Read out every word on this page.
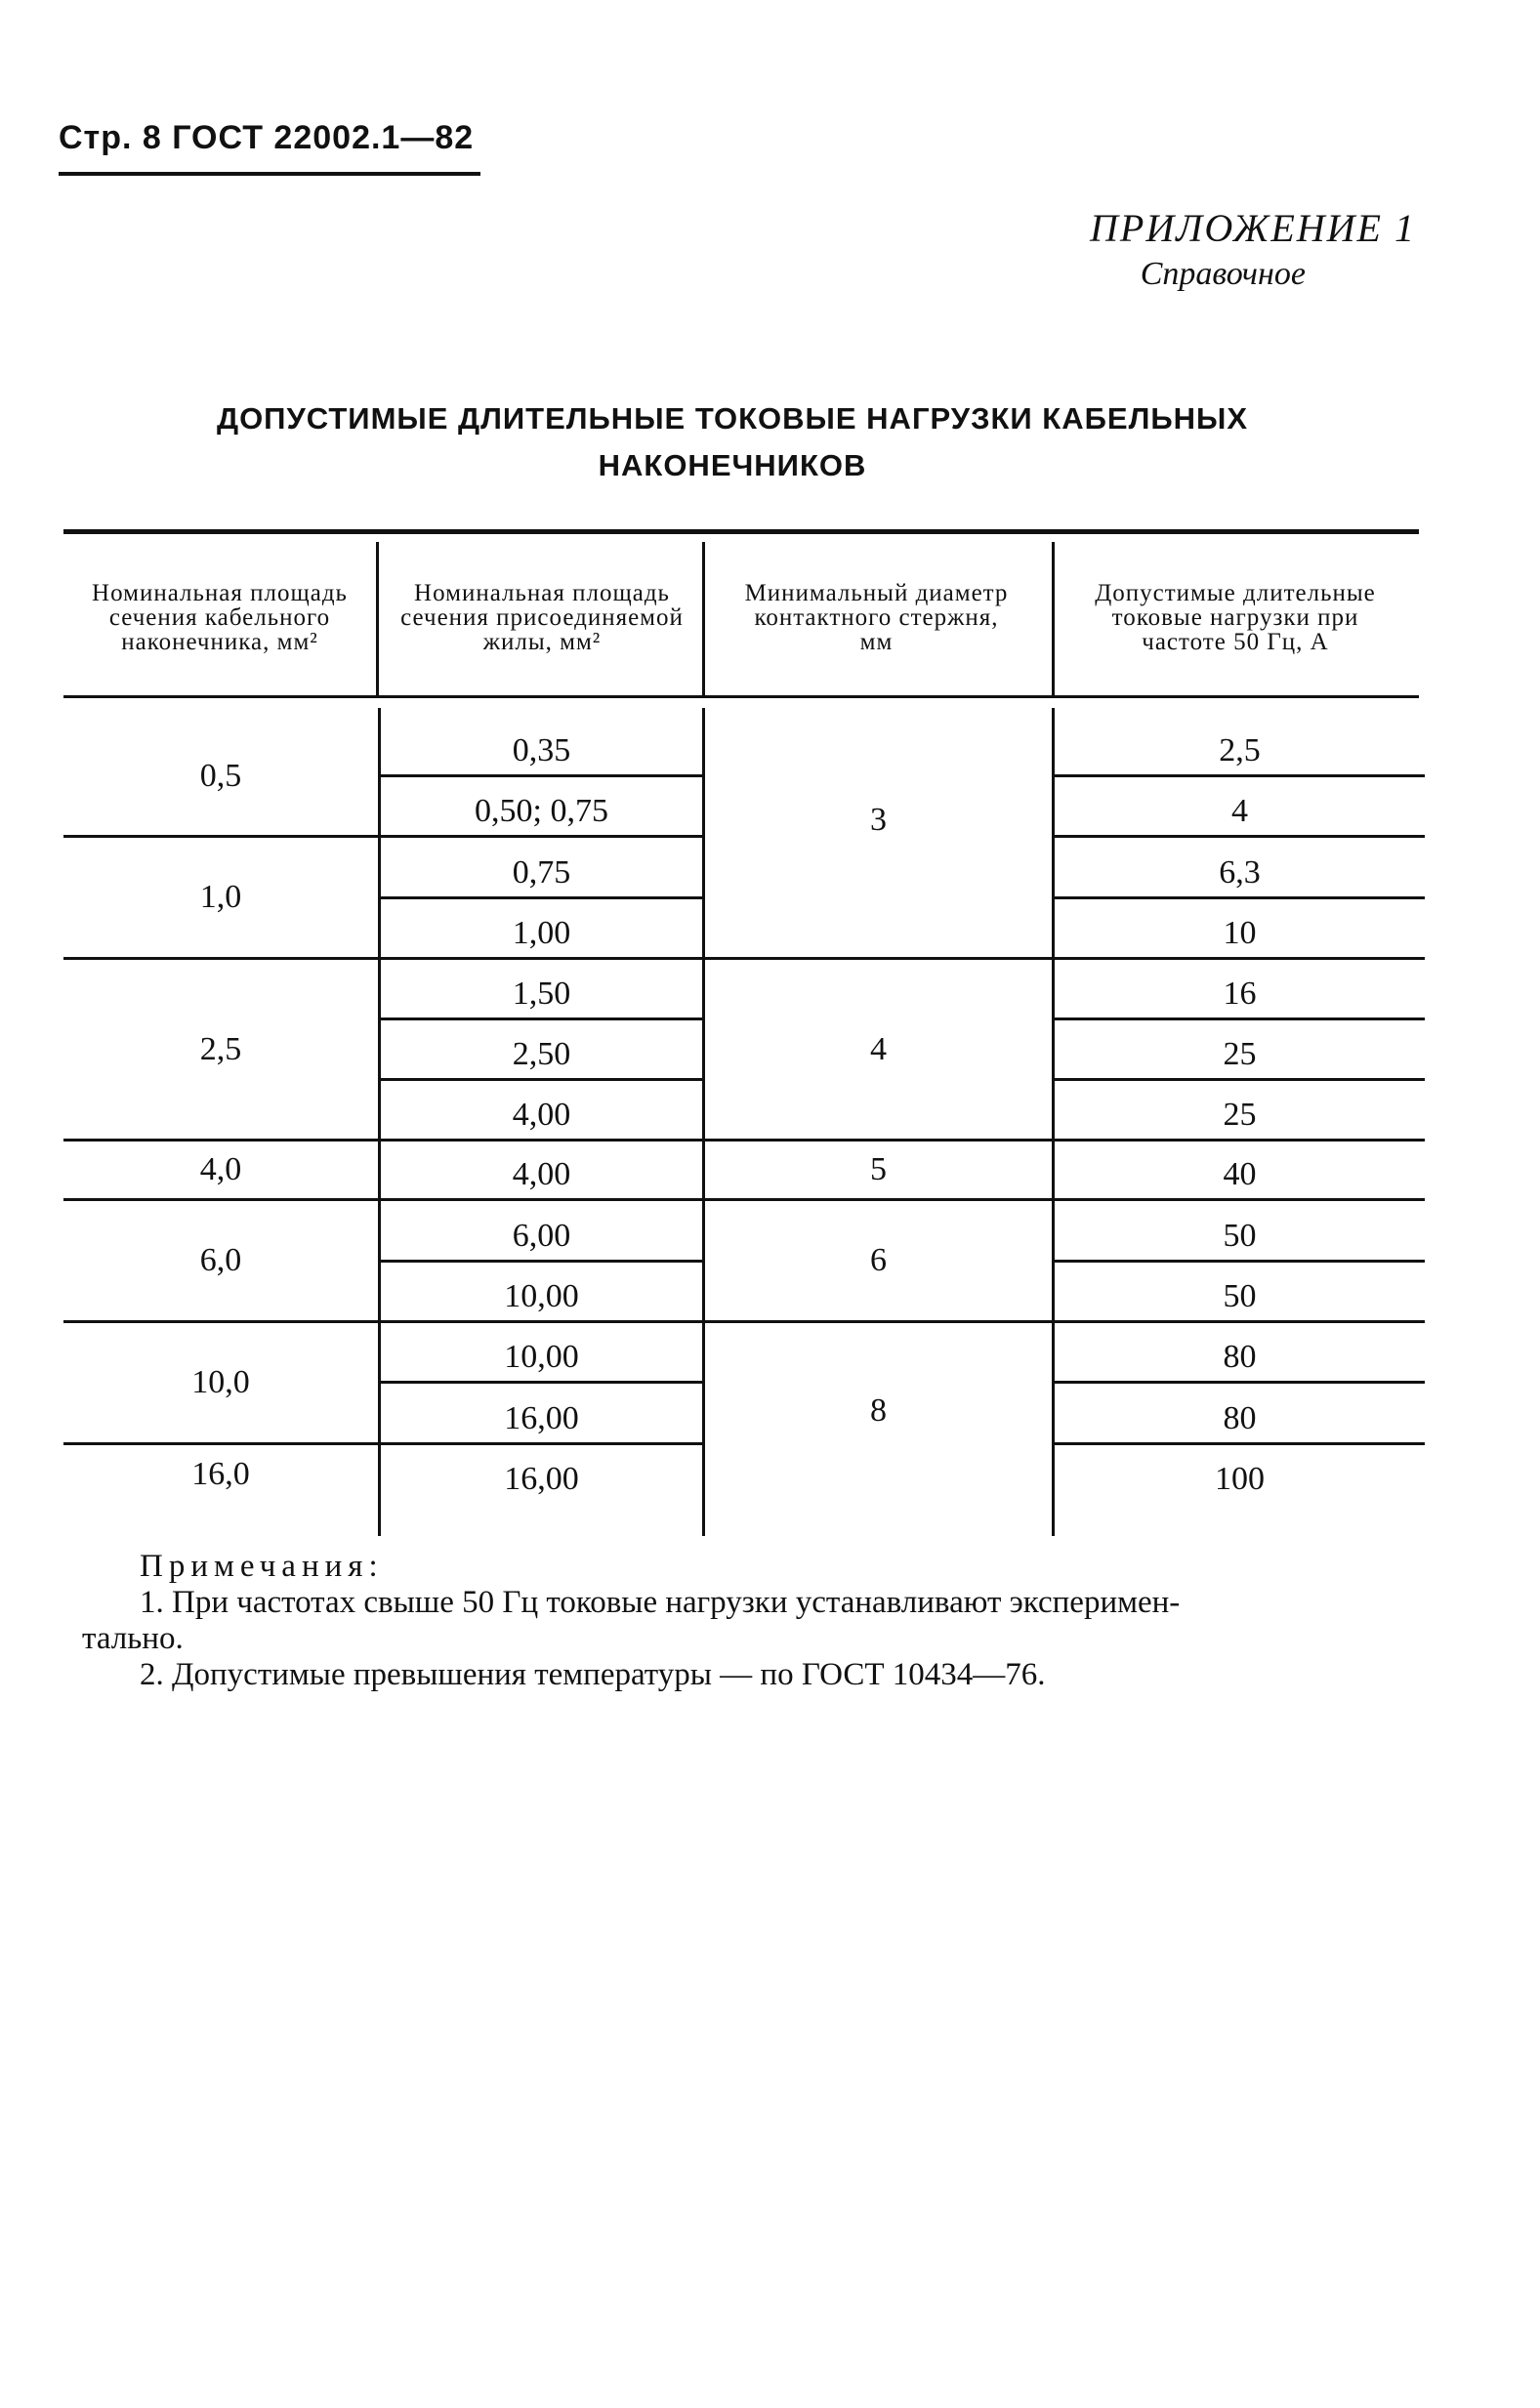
Стр. 8 ГОСТ 22002.1—82
ПРИЛОЖЕНИЕ 1
Справочное
ДОПУСТИМЫЕ ДЛИТЕЛЬНЫЕ ТОКОВЫЕ НАГРУЗКИ КАБЕЛЬНЫХ НАКОНЕЧНИКОВ
Номинальная площадь сечения кабельного наконечника, мм²
Номинальная площадь сечения присоединяемой жилы, мм²
Минимальный диаметр контактного стержня, мм
Допустимые длительные токовые нагрузки при частоте 50 Гц, А
0,5
1,0
2,5
4,0
6,0
10,0
16,0
0,35
0,50; 0,75
0,75
1,00
1,50
2,50
4,00
4,00
6,00
10,00
10,00
16,00
16,00
3
4
5
6
8
2,5
4
6,3
10
16
25
25
40
50
50
80
80
100
Примечания:
1. При частотах свыше 50 Гц токовые нагрузки устанавливают эксперимен-
тально.
2. Допустимые превышения температуры — по ГОСТ 10434—76.
